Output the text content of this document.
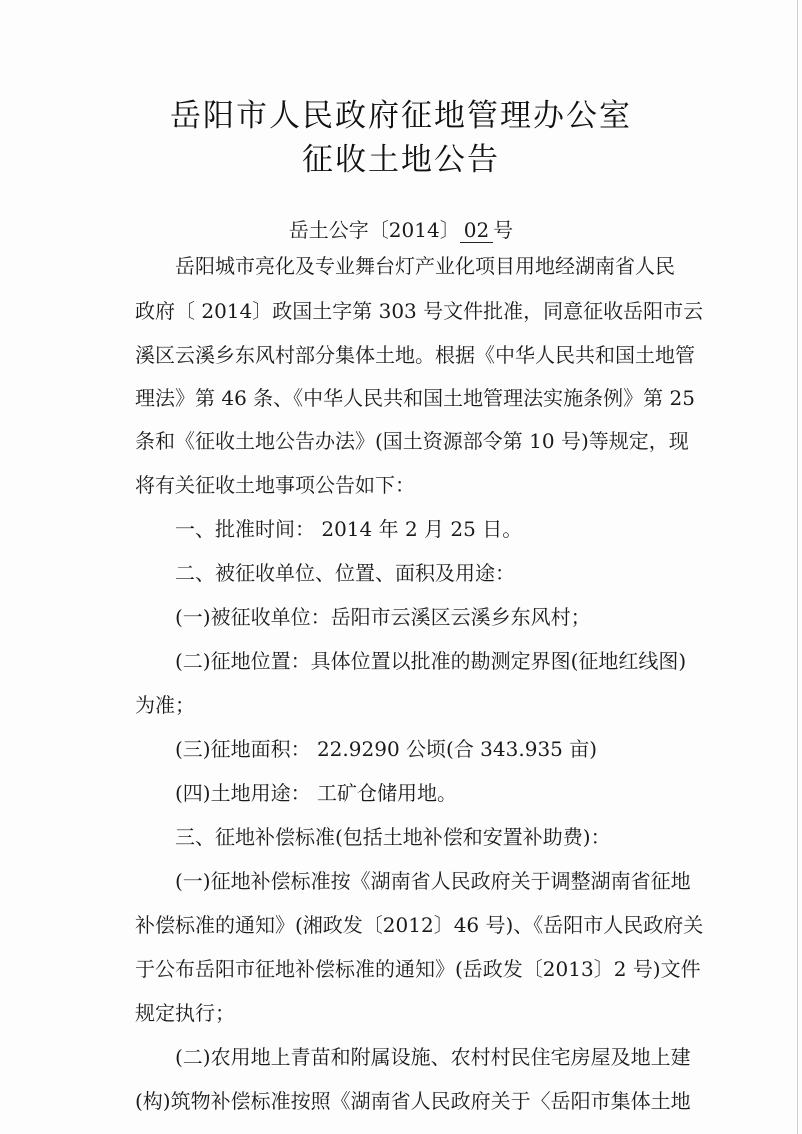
岳阳市人民政府征地管理办公室
征收土地公告
岳土公字〔2014〕 02 号
岳阳城市亮化及专业舞台灯产业化项目用地经湖南省人民
政府〔 2014〕政国土字第 303 号文件批准，同意征收岳阳市云
溪区云溪乡东风村部分集体土地。根据《中华人民共和国土地管
理法》第 46 条、《中华人民共和国土地管理法实施条例》第 25
条和《征收土地公告办法》(国土资源部令第 10 号)等规定，现
将有关征收土地事项公告如下：
一、批准时间： 2014 年 2 月 25 日。
二、被征收单位、位置、面积及用途：
(一)被征收单位：岳阳市云溪区云溪乡东风村；
(二)征地位置：具体位置以批准的勘测定界图(征地红线图)
为准；
(三)征地面积： 22.9290 公顷(合 343.935 亩)
(四)土地用途： 工矿仓储用地。
三、征地补偿标准(包括土地补偿和安置补助费)：
(一)征地补偿标准按《湖南省人民政府关于调整湖南省征地
补偿标准的通知》(湘政发〔2012〕46 号)、《岳阳市人民政府关
于公布岳阳市征地补偿标准的通知》(岳政发〔2013〕2 号)文件
规定执行；
(二)农用地上青苗和附属设施、农村村民住宅房屋及地上建
(构)筑物补偿标准按照《湖南省人民政府关于〈岳阳市集体土地
